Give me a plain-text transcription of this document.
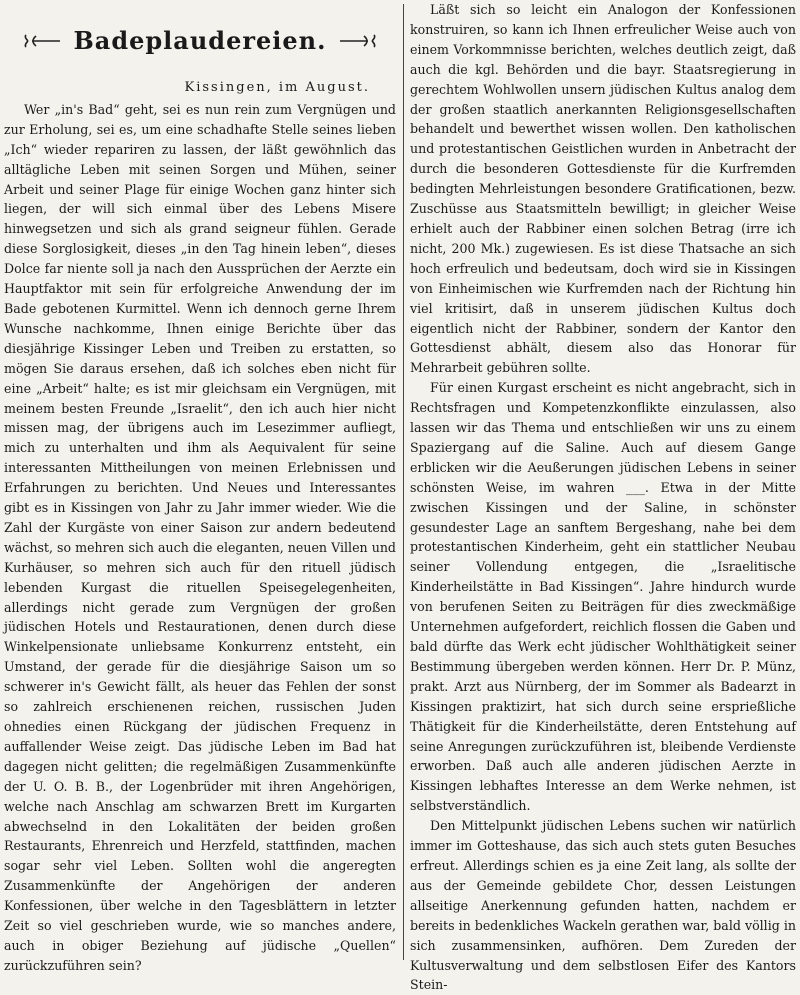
Badeplaudereien.
Kissingen, im August.

Wer „in's Bad“ geht, sei es nun rein zum Vergnügen und zur Erholung, sei es, um eine schadhafte Stelle seines lieben „Ich“ wieder repariren zu lassen, der läßt gewöhnlich das alltägliche Leben mit seinen Sorgen und Mühen, seiner Arbeit und seiner Plage für einige Wochen ganz hinter sich liegen, der will sich einmal über des Lebens Misere hinwegsetzen und sich als grand seigneur fühlen. Gerade diese Sorglosigkeit, dieses „in den Tag hinein leben“, dieses Dolce far niente soll ja nach den Aussprüchen der Aerzte ein Hauptfaktor mit sein für erfolgreiche Anwendung der im Bade gebotenen Kurmittel. Wenn ich dennoch gerne Ihrem Wunsche nachkomme, Ihnen einige Berichte über das diesjährige Kissinger Leben und Treiben zu erstatten, so mögen Sie daraus ersehen, daß ich solches eben nicht für eine „Arbeit“ halte; es ist mir gleichsam ein Vergnügen, mit meinem besten Freunde „Israelit“, den ich auch hier nicht missen mag, der übrigens auch im Lesezimmer aufliegt, mich zu unterhalten und ihm als Aequivalent für seine interessanten Mittheilungen von meinen Erlebnissen und Erfahrungen zu berichten. Und Neues und Interessantes gibt es in Kissingen von Jahr zu Jahr immer wieder. Wie die Zahl der Kurgäste von einer Saison zur andern bedeutend wächst, so mehren sich auch die eleganten, neuen Villen und Kurhäuser, so mehren sich auch für den rituell jüdisch lebenden Kurgast die rituellen Speisegelegenheiten, allerdings nicht gerade zum Vergnügen der großen jüdischen Hotels und Restaurationen, denen durch diese Winkelpensionate unliebsame Konkurrenz entsteht, ein Umstand, der gerade für die diesjährige Saison um so schwerer in's Gewicht fällt, als heuer das Fehlen der sonst so zahlreich erschienenen reichen, russischen Juden ohnedies einen Rückgang der jüdischen Frequenz in auffallender Weise zeigt. Das jüdische Leben im Bad hat dagegen nicht gelitten; die regelmäßigen Zusammenkünfte der U. O. B. B., der Logenbrüder mit ihren Angehörigen, welche nach Anschlag am schwarzen Brett im Kurgarten abwechselnd in den Lokalitäten der beiden großen Restaurants, Ehrenreich und Herzfeld, stattfinden, machen sogar sehr viel Leben. Sollten wohl die angeregten Zusammenkünfte der Angehörigen der anderen Konfessionen, über welche in den Tagesblättern in letzter Zeit so viel geschrieben wurde, wie so manches andere, auch in obiger Beziehung auf jüdische „Quellen“ zurückzuführen sein?

Läßt sich so leicht ein Analogon der Konfessionen konstruiren, so kann ich Ihnen erfreulicher Weise auch von einem Vorkommnisse berichten, welches deutlich zeigt, daß auch die kgl. Behörden und die bayr. Staatsregierung in gerechtem Wohlwollen unsern jüdischen Kultus analog dem der großen staatlich anerkannten Religionsgesellschaften behandelt und bewerthet wissen wollen. Den katholischen und protestantischen Geistlichen wurden in Anbetracht der durch die besonderen Gottesdienste für die Kurfremden bedingten Mehrleistungen besondere Gratificationen, bezw. Zuschüsse aus Staatsmitteln bewilligt; in gleicher Weise erhielt auch der Rabbiner einen solchen Betrag (irre ich nicht, 200 Mk.) zugewiesen. Es ist diese Thatsache an sich hoch erfreulich und bedeutsam, doch wird sie in Kissingen von Einheimischen wie Kurfremden nach der Richtung hin viel kritisirt, daß in unserem jüdischen Kultus doch eigentlich nicht der Rabbiner, sondern der Kantor den Gottesdienst abhält, diesem also das Honorar für Mehrarbeit gebühren sollte.

Für einen Kurgast erscheint es nicht angebracht, sich in Rechtsfragen und Kompetenzkonflikte einzulassen, also lassen wir das Thema und entschließen wir uns zu einem Spaziergang auf die Saline. Auch auf diesem Gange erblicken wir die Aeußerungen jüdischen Lebens in seiner schönsten Weise, im wahren ___. Etwa in der Mitte zwischen Kissingen und der Saline, in schönster gesundester Lage an sanftem Bergeshang, nahe bei dem protestantischen Kinderheim, geht ein stattlicher Neubau seiner Vollendung entgegen, die „Israelitische Kinderheilstätte in Bad Kissingen“. Jahre hindurch wurde von berufenen Seiten zu Beiträgen für dies zweckmäßige Unternehmen aufgefordert, reichlich flossen die Gaben und bald dürfte das Werk echt jüdischer Wohlthätigkeit seiner Bestimmung übergeben werden können. Herr Dr. P. Münz, prakt. Arzt aus Nürnberg, der im Sommer als Badearzt in Kissingen praktizirt, hat sich durch seine ersprießliche Thätigkeit für die Kinderheilstätte, deren Entstehung auf seine Anregungen zurückzuführen ist, bleibende Verdienste erworben. Daß auch alle anderen jüdischen Aerzte in Kissingen lebhaftes Interesse an dem Werke nehmen, ist selbstverständlich.

Den Mittelpunkt jüdischen Lebens suchen wir natürlich immer im Gotteshause, das sich auch stets guten Besuches erfreut. Allerdings schien es ja eine Zeit lang, als sollte der aus der Gemeinde gebildete Chor, dessen Leistungen allseitige Anerkennung gefunden hatten, nachdem er bereits in bedenkliches Wackeln gerathen war, bald völlig in sich zusammensinken, aufhören. Dem Zureden der Kultusverwaltung und dem selbstlosen Eifer des Kantors Stein-
